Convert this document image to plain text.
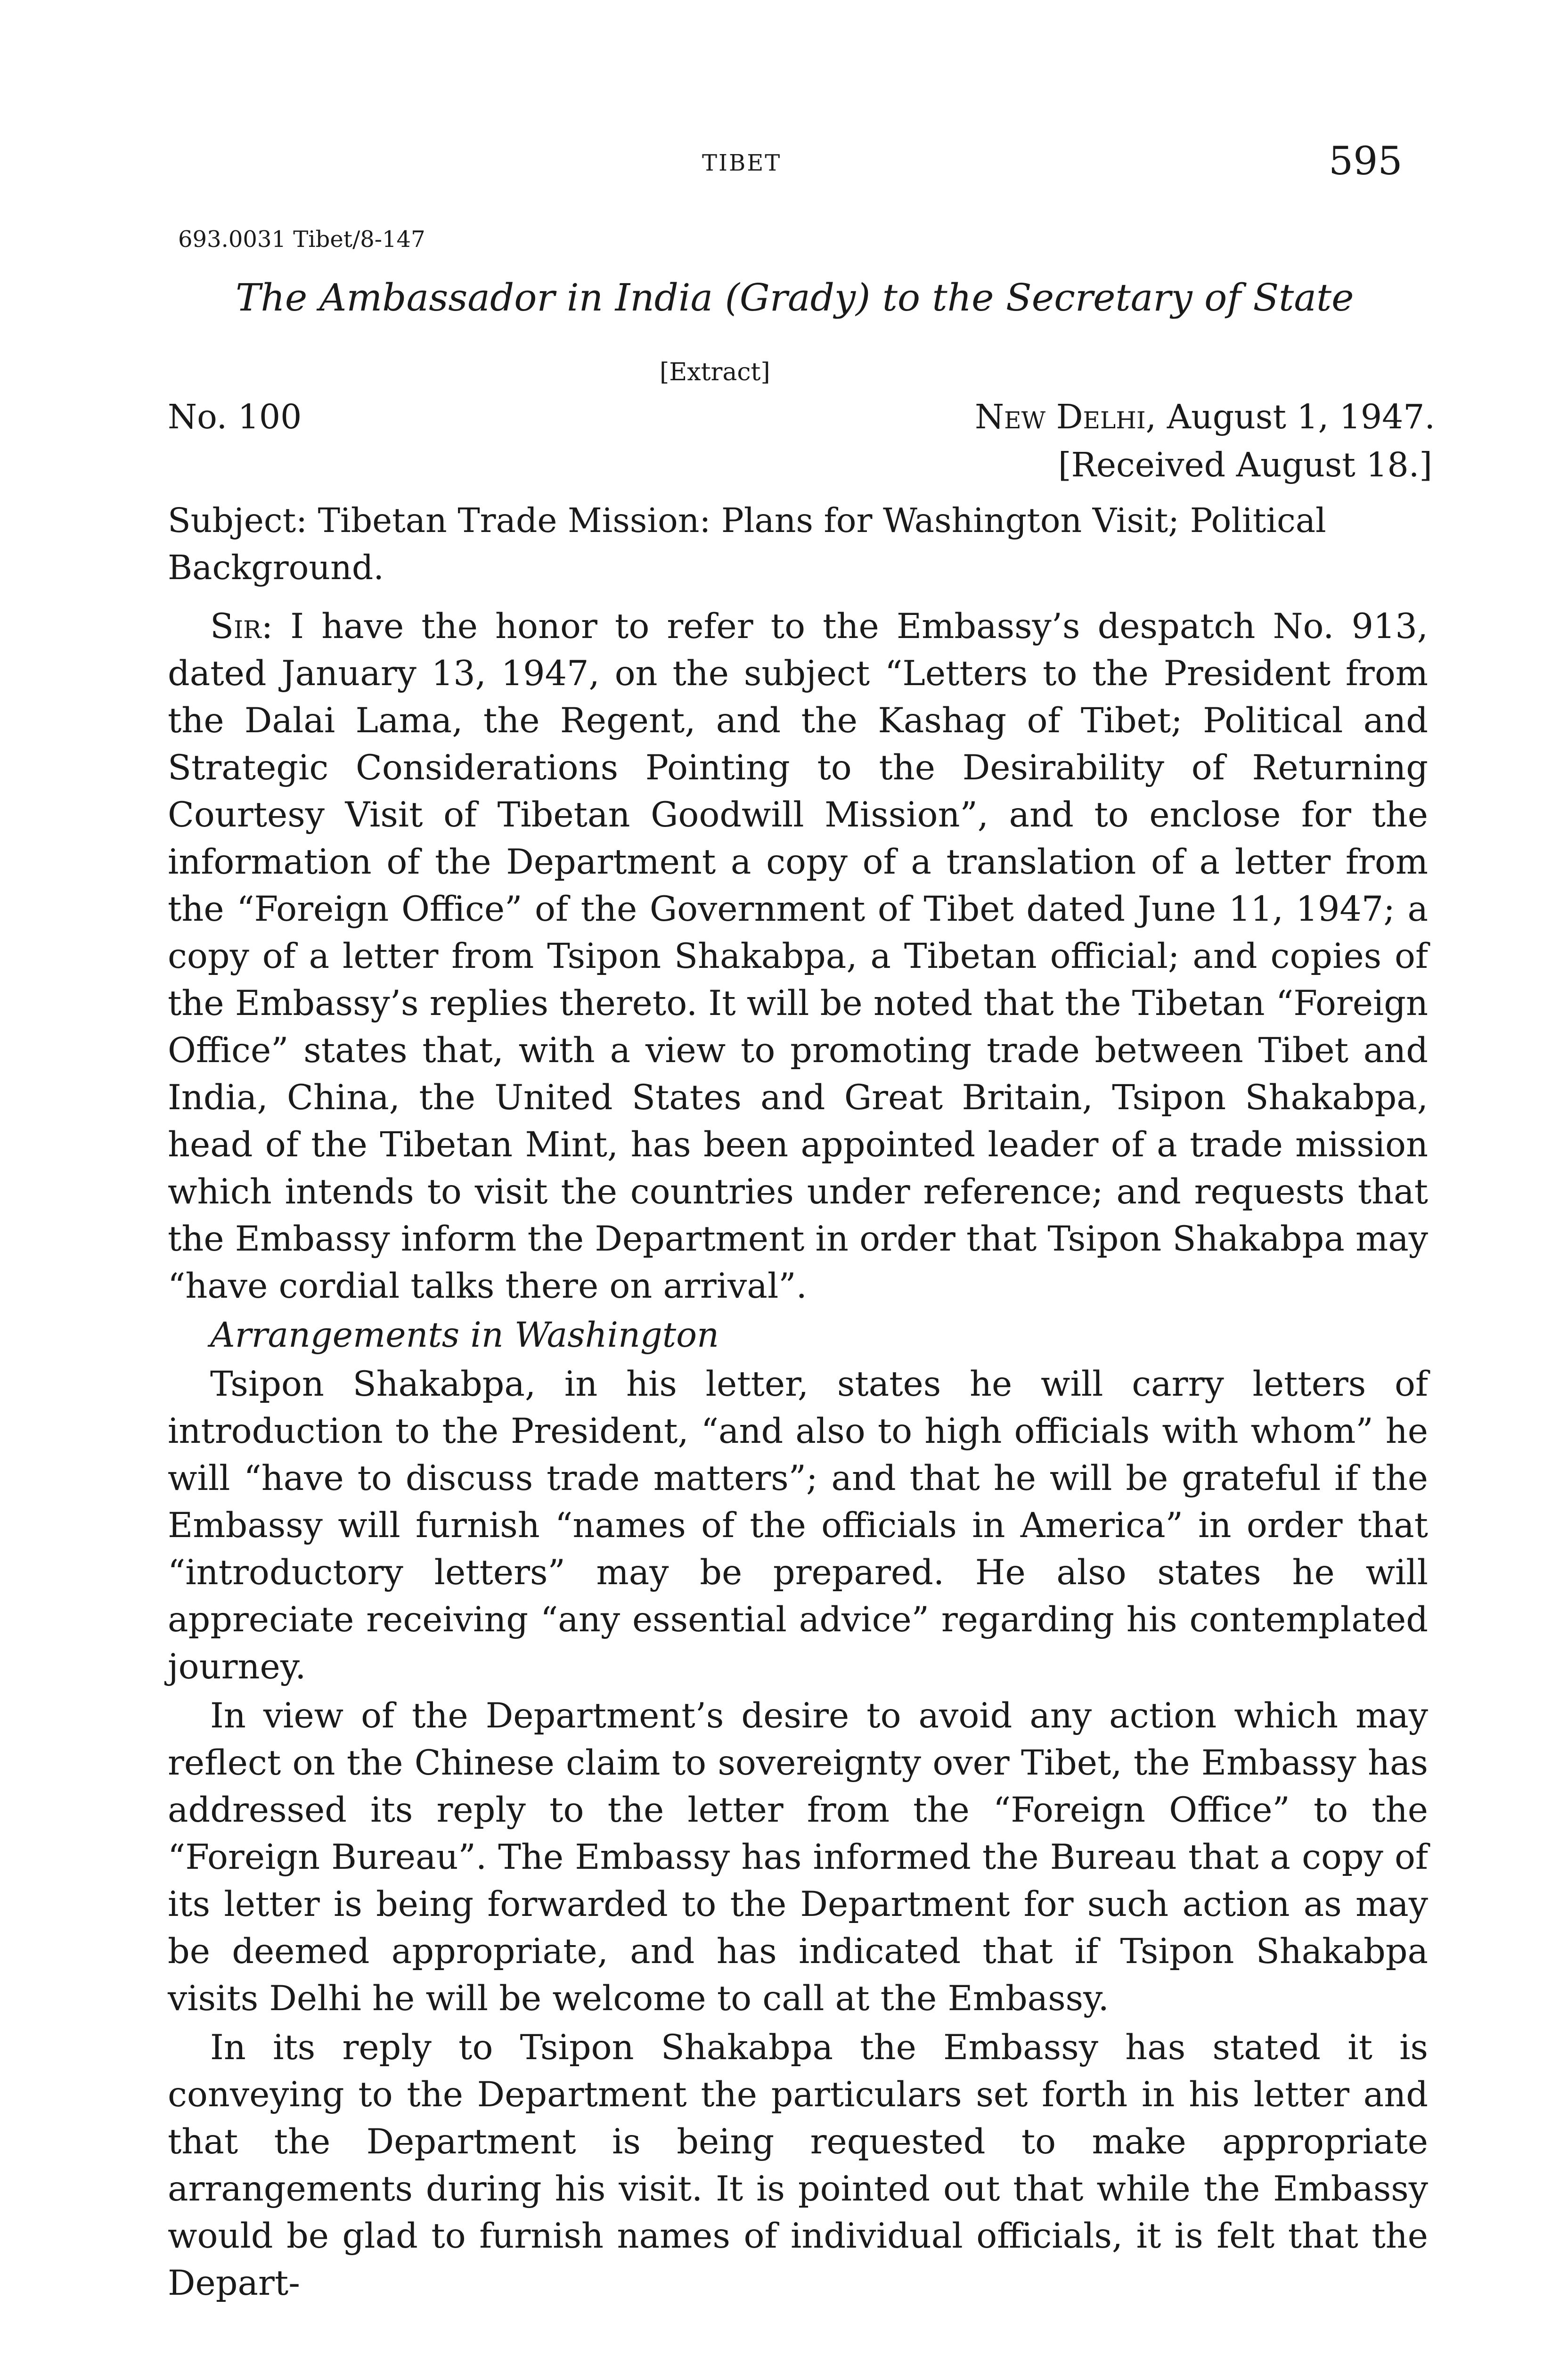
TIBET	595
693.0031 Tibet/8-147
The Ambassador in India (Grady) to the Secretary of State
[Extract]
No. 100	New Delhi, August 1, 1947.
[Received August 18.]
Subject: Tibetan Trade Mission: Plans for Washington Visit; Political Background.

Sir: I have the honor to refer to the Embassy’s despatch No. 913, dated January 13, 1947, on the subject “Letters to the President from the Dalai Lama, the Regent, and the Kashag of Tibet; Political and Strategic Considerations Pointing to the Desirability of Returning Courtesy Visit of Tibetan Goodwill Mission”, and to enclose for the information of the Department a copy of a translation of a letter from the “Foreign Office” of the Government of Tibet dated June 11, 1947; a copy of a letter from Tsipon Shakabpa, a Tibetan official; and copies of the Embassy’s replies thereto. It will be noted that the Tibetan “Foreign Office” states that, with a view to promoting trade between Tibet and India, China, the United States and Great Britain, Tsipon Shakabpa, head of the Tibetan Mint, has been appointed leader of a trade mission which intends to visit the countries under reference; and requests that the Embassy inform the Department in order that Tsipon Shakabpa may “have cordial talks there on arrival”.

Arrangements in Washington

Tsipon Shakabpa, in his letter, states he will carry letters of introduction to the President, “and also to high officials with whom” he will “have to discuss trade matters”; and that he will be grateful if the Embassy will furnish “names of the officials in America” in order that “introductory letters” may be prepared. He also states he will appreciate receiving “any essential advice” regarding his contemplated journey.

In view of the Department’s desire to avoid any action which may reflect on the Chinese claim to sovereignty over Tibet, the Embassy has addressed its reply to the letter from the “Foreign Office” to the “Foreign Bureau”. The Embassy has informed the Bureau that a copy of its letter is being forwarded to the Department for such action as may be deemed appropriate, and has indicated that if Tsipon Shakabpa visits Delhi he will be welcome to call at the Embassy.

In its reply to Tsipon Shakabpa the Embassy has stated it is conveying to the Department the particulars set forth in his letter and that the Department is being requested to make appropriate arrangements during his visit. It is pointed out that while the Embassy would be glad to furnish names of individual officials, it is felt that the Depart-
